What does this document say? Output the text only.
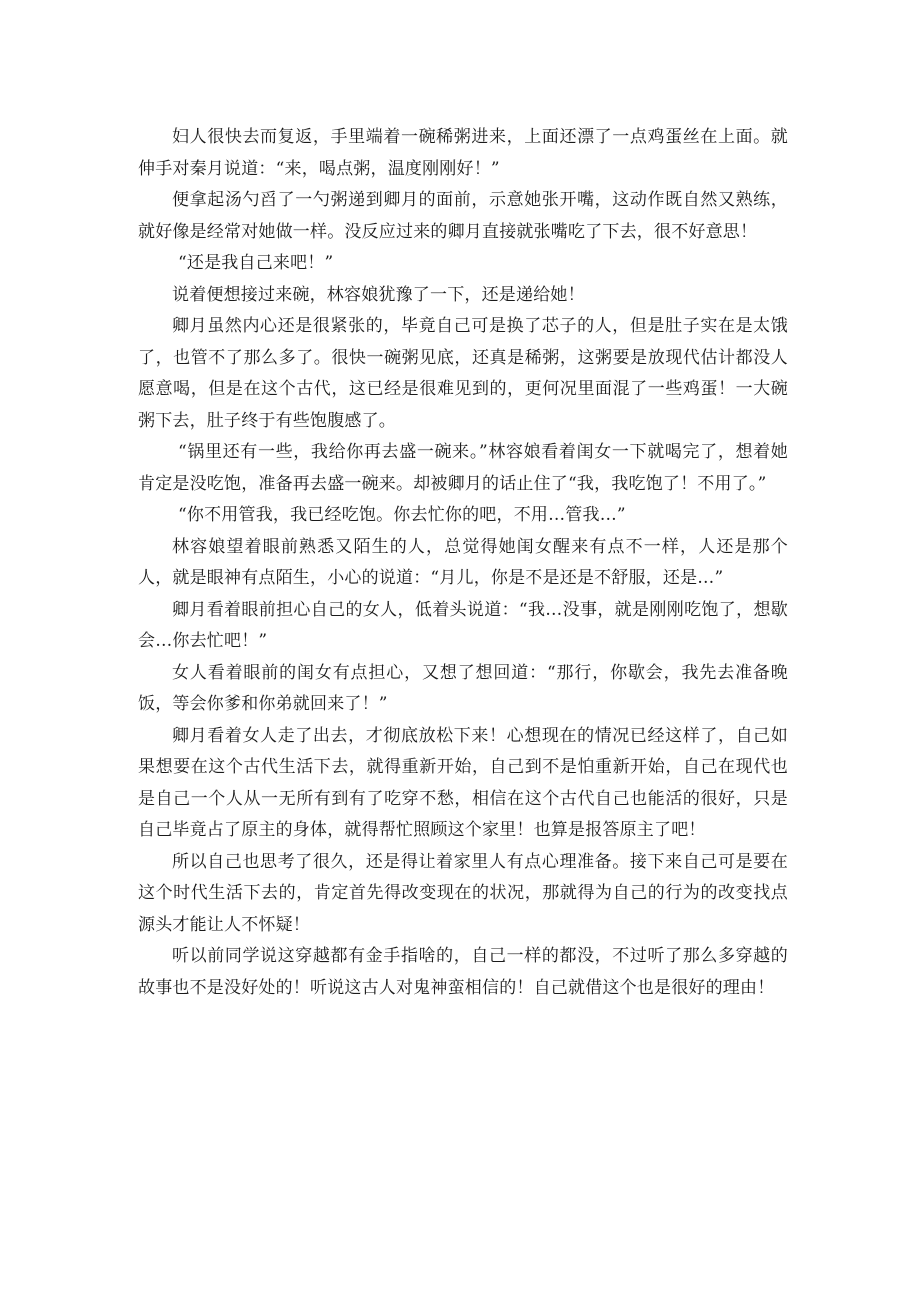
妇人很快去而复返，手里端着一碗稀粥进来，上面还漂了一点鸡蛋丝在上面。就伸手对秦月说道：“来，喝点粥，温度刚刚好！”

便拿起汤勺舀了一勺粥递到卿月的面前，示意她张开嘴，这动作既自然又熟练，就好像是经常对她做一样。没反应过来的卿月直接就张嘴吃了下去，很不好意思！

“还是我自己来吧！”

说着便想接过来碗，林容娘犹豫了一下，还是递给她！

卿月虽然内心还是很紧张的，毕竟自己可是换了芯子的人，但是肚子实在是太饿了，也管不了那么多了。很快一碗粥见底，还真是稀粥，这粥要是放现代估计都没人愿意喝，但是在这个古代，这已经是很难见到的，更何况里面混了一些鸡蛋！一大碗粥下去，肚子终于有些饱腹感了。

“锅里还有一些，我给你再去盛一碗来。”林容娘看着闺女一下就喝完了，想着她肯定是没吃饱，准备再去盛一碗来。却被卿月的话止住了“我，我吃饱了！不用了。”

“你不用管我，我已经吃饱。你去忙你的吧，不用…管我…”

林容娘望着眼前熟悉又陌生的人，总觉得她闺女醒来有点不一样，人还是那个人，就是眼神有点陌生，小心的说道：“月儿，你是不是还是不舒服，还是…”

卿月看着眼前担心自己的女人，低着头说道：“我…没事，就是刚刚吃饱了，想歇会…你去忙吧！”

女人看着眼前的闺女有点担心，又想了想回道：“那行，你歇会，我先去准备晚饭，等会你爹和你弟就回来了！”

卿月看着女人走了出去，才彻底放松下来！心想现在的情况已经这样了，自己如果想要在这个古代生活下去，就得重新开始，自己到不是怕重新开始，自己在现代也是自己一个人从一无所有到有了吃穿不愁，相信在这个古代自己也能活的很好，只是自己毕竟占了原主的身体，就得帮忙照顾这个家里！也算是报答原主了吧！

所以自己也思考了很久，还是得让着家里人有点心理准备。接下来自己可是要在这个时代生活下去的，肯定首先得改变现在的状况，那就得为自己的行为的改变找点源头才能让人不怀疑！

听以前同学说这穿越都有金手指啥的，自己一样的都没，不过听了那么多穿越的故事也不是没好处的！听说这古人对鬼神蛮相信的！自己就借这个也是很好的理由！
